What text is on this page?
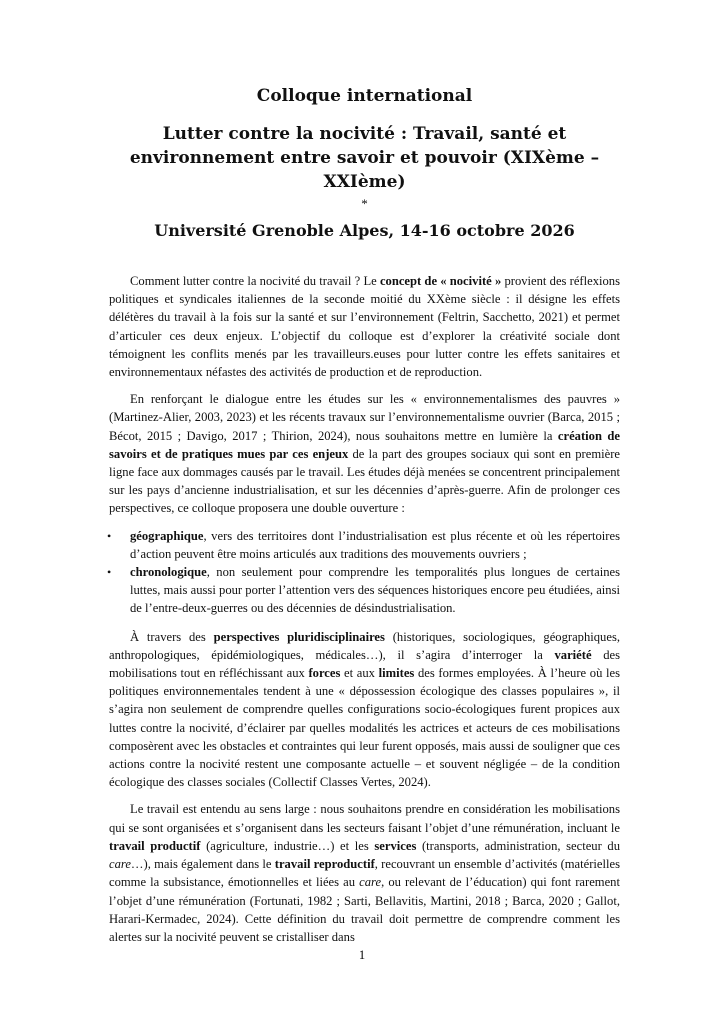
Colloque international
Lutter contre la nocivité : Travail, santé et
environnement entre savoir et pouvoir (XIXème – XXIème)
*
Université Grenoble Alpes, 14-16 octobre 2026

Comment lutter contre la nocivité du travail ? Le concept de « nocivité » provient des réflexions politiques et syndicales italiennes de la seconde moitié du XXème siècle : il désigne les effets délétères du travail à la fois sur la santé et sur l’environnement (Feltrin, Sacchetto, 2021) et permet d’articuler ces deux enjeux. L’objectif du colloque est d’explorer la créativité sociale dont témoignent les conflits menés par les travailleurs.euses pour lutter contre les effets sanitaires et environnementaux néfastes des activités de production et de reproduction.

En renforçant le dialogue entre les études sur les « environnementalismes des pauvres » (Martinez-Alier, 2003, 2023) et les récents travaux sur l’environnementalisme ouvrier (Barca, 2015 ; Bécot, 2015 ; Davigo, 2017 ; Thirion, 2024), nous souhaitons mettre en lumière la création de savoirs et de pratiques mues par ces enjeux de la part des groupes sociaux qui sont en première ligne face aux dommages causés par le travail. Les études déjà menées se concentrent principalement sur les pays d’ancienne industrialisation, et sur les décennies d’après-guerre. Afin de prolonger ces perspectives, ce colloque proposera une double ouverture :

• géographique, vers des territoires dont l’industrialisation est plus récente et où les répertoires d’action peuvent être moins articulés aux traditions des mouvements ouvriers ;
• chronologique, non seulement pour comprendre les temporalités plus longues de certaines luttes, mais aussi pour porter l’attention vers des séquences historiques encore peu étudiées, ainsi de l’entre-deux-guerres ou des décennies de désindustrialisation.

À travers des perspectives pluridisciplinaires (historiques, sociologiques, géographiques, anthropologiques, épidémiologiques, médicales…), il s’agira d’interroger la variété des mobilisations tout en réfléchissant aux forces et aux limites des formes employées. À l’heure où les politiques environnementales tendent à une « dépossession écologique des classes populaires », il s’agira non seulement de comprendre quelles configurations socio-écologiques furent propices aux luttes contre la nocivité, d’éclairer par quelles modalités les actrices et acteurs de ces mobilisations composèrent avec les obstacles et contraintes qui leur furent opposés, mais aussi de souligner que ces actions contre la nocivité restent une composante actuelle – et souvent négligée – de la condition écologique des classes sociales (Collectif Classes Vertes, 2024).

Le travail est entendu au sens large : nous souhaitons prendre en considération les mobilisations qui se sont organisées et s’organisent dans les secteurs faisant l’objet d’une rémunération, incluant le travail productif (agriculture, industrie…) et les services (transports, administration, secteur du care…), mais également dans le travail reproductif, recouvrant un ensemble d’activités (matérielles comme la subsistance, émotionnelles et liées au care, ou relevant de l’éducation) qui font rarement l’objet d’une rémunération (Fortunati, 1982 ; Sarti, Bellavitis, Martini, 2018 ; Barca, 2020 ; Gallot, Harari-Kermadec, 2024). Cette définition du travail doit permettre de comprendre comment les alertes sur la nocivité peuvent se cristalliser dans

1
